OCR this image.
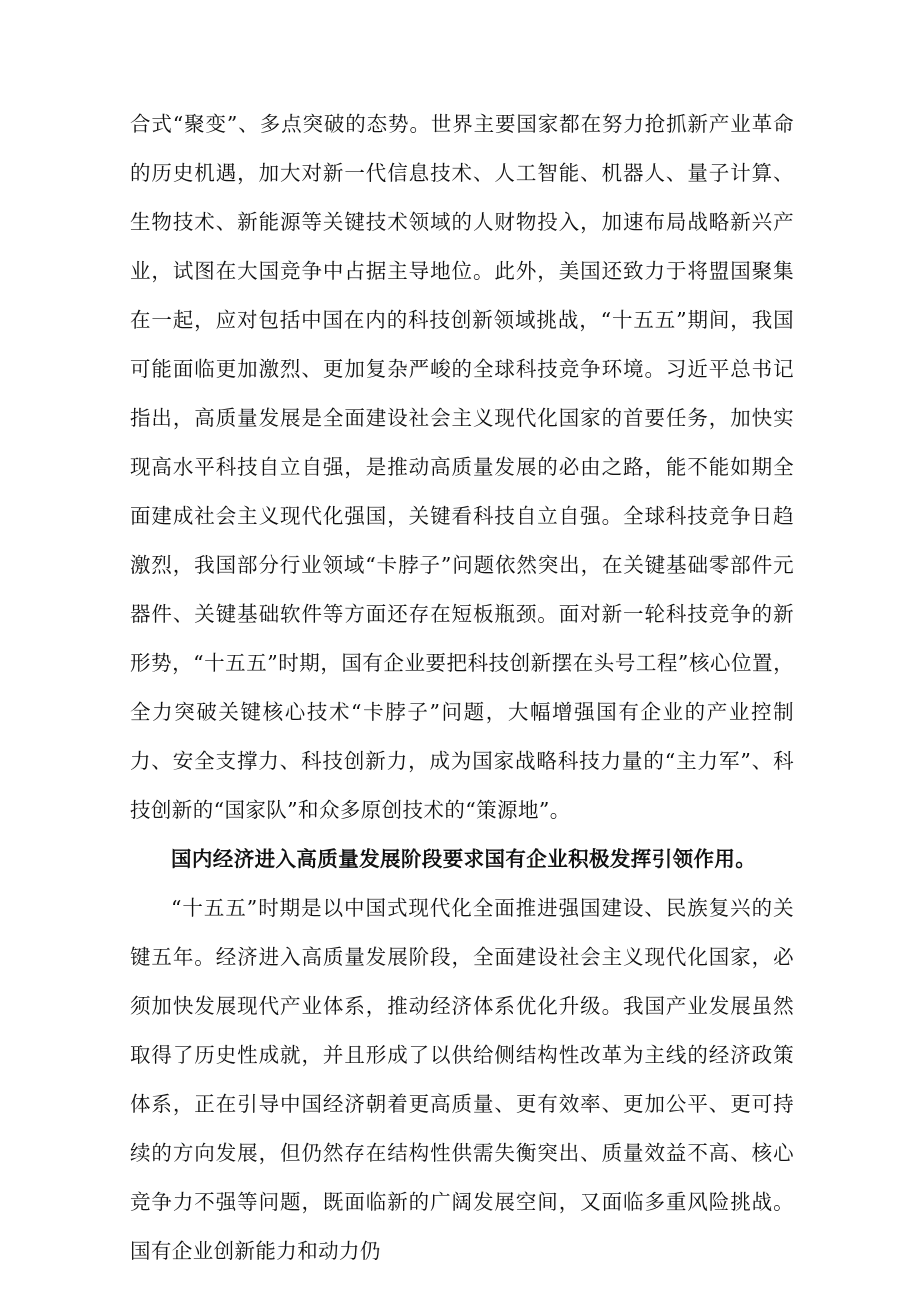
合式“聚变”、多点突破的态势。世界主要国家都在努力抢抓新产业革命的历史机遇，加大对新一代信息技术、人工智能、机器人、量子计算、生物技术、新能源等关键技术领域的人财物投入，加速布局战略新兴产业，试图在大国竞争中占据主导地位。此外，美国还致力于将盟国聚集在一起，应对包括中国在内的科技创新领域挑战，“十五五”期间，我国可能面临更加激烈、更加复杂严峻的全球科技竞争环境。习近平总书记指出，高质量发展是全面建设社会主义现代化国家的首要任务，加快实现高水平科技自立自强，是推动高质量发展的必由之路，能不能如期全面建成社会主义现代化强国，关键看科技自立自强。全球科技竞争日趋激烈，我国部分行业领域“卡脖子”问题依然突出，在关键基础零部件元器件、关键基础软件等方面还存在短板瓶颈。面对新一轮科技竞争的新形势，“十五五”时期，国有企业要把科技创新摆在头号工程”核心位置，全力突破关键核心技术“卡脖子”问题，大幅增强国有企业的产业控制力、安全支撑力、科技创新力，成为国家战略科技力量的“主力军”、科技创新的“国家队”和众多原创技术的“策源地”。

国内经济进入高质量发展阶段要求国有企业积极发挥引领作用。

“十五五”时期是以中国式现代化全面推进强国建设、民族复兴的关键五年。经济进入高质量发展阶段，全面建设社会主义现代化国家，必须加快发展现代产业体系，推动经济体系优化升级。我国产业发展虽然取得了历史性成就，并且形成了以供给侧结构性改革为主线的经济政策体系，正在引导中国经济朝着更高质量、更有效率、更加公平、更可持续的方向发展，但仍然存在结构性供需失衡突出、质量效益不高、核心竞争力不强等问题，既面临新的广阔发展空间，又面临多重风险挑战。国有企业创新能力和动力仍
